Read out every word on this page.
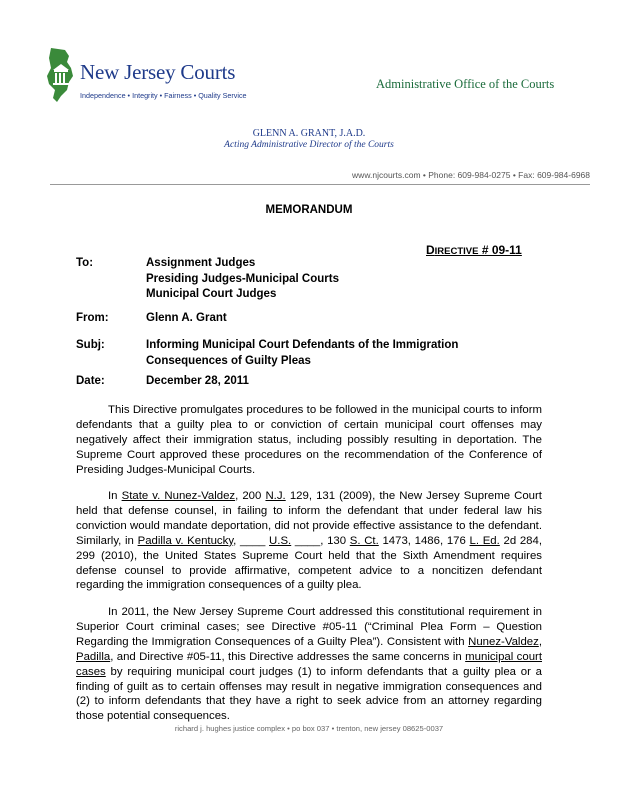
New Jersey Courts
Independence • Integrity • Fairness • Quality Service
Administrative Office of the Courts
GLENN A. GRANT, J.A.D.
Acting Administrative Director of the Courts
www.njcourts.com • Phone: 609-984-0275 • Fax: 609-984-6968
MEMORANDUM
DIRECTIVE # 09-11
To:	Assignment Judges
Presiding Judges-Municipal Courts
Municipal Court Judges
From:	Glenn A. Grant
Subj:	Informing Municipal Court Defendants of the Immigration
Consequences of Guilty Pleas
Date:	December 28, 2011
This Directive promulgates procedures to be followed in the municipal courts to inform defendants that a guilty plea to or conviction of certain municipal court offenses may negatively affect their immigration status, including possibly resulting in deportation. The Supreme Court approved these procedures on the recommendation of the Conference of Presiding Judges-Municipal Courts.
In State v. Nunez-Valdez, 200 N.J. 129, 131 (2009), the New Jersey Supreme Court held that defense counsel, in failing to inform the defendant that under federal law his conviction would mandate deportation, did not provide effective assistance to the defendant. Similarly, in Padilla v. Kentucky, ____ U.S. ____, 130 S. Ct. 1473, 1486, 176 L. Ed. 2d 284, 299 (2010), the United States Supreme Court held that the Sixth Amendment requires defense counsel to provide affirmative, competent advice to a noncitizen defendant regarding the immigration consequences of a guilty plea.
In 2011, the New Jersey Supreme Court addressed this constitutional requirement in Superior Court criminal cases; see Directive #05-11 (“Criminal Plea Form – Question Regarding the Immigration Consequences of a Guilty Plea”). Consistent with Nunez-Valdez, Padilla, and Directive #05-11, this Directive addresses the same concerns in municipal court cases by requiring municipal court judges (1) to inform defendants that a guilty plea or a finding of guilt as to certain offenses may result in negative immigration consequences and (2) to inform defendants that they have a right to seek advice from an attorney regarding those potential consequences.
richard j. hughes justice complex • po box 037 • trenton, new jersey 08625-0037
